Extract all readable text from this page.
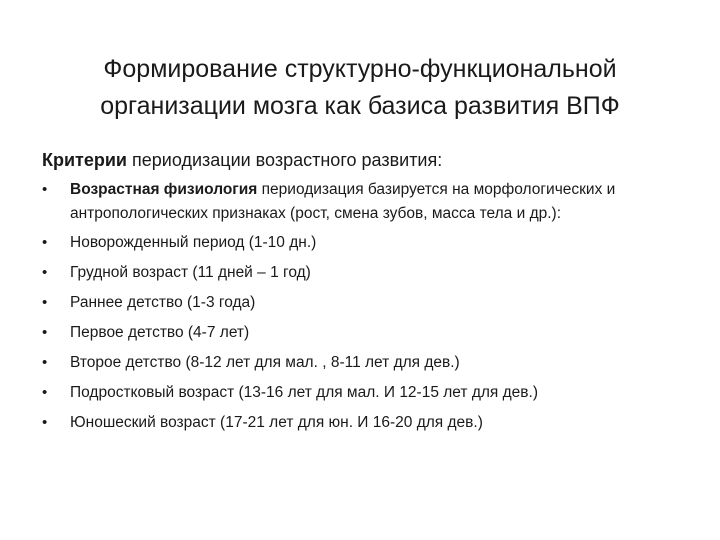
Формирование структурно-функциональной
организации мозга как базиса развития ВПФ

Критерии периодизации возрастного развития:

• Возрастная физиология периодизация базируется на морфологических и антропологических признаках (рост, смена зубов, масса тела и др.):
• Новорожденный период (1-10 дн.)
• Грудной возраст (11 дней – 1 год)
• Раннее детство (1-3 года)
• Первое детство (4-7 лет)
• Второе детство (8-12 лет для мал. , 8-11 лет для дев.)
• Подростковый возраст (13-16 лет для мал. И 12-15 лет для дев.)
• Юношеский возраст (17-21 лет для юн. И 16-20 для дев.)
